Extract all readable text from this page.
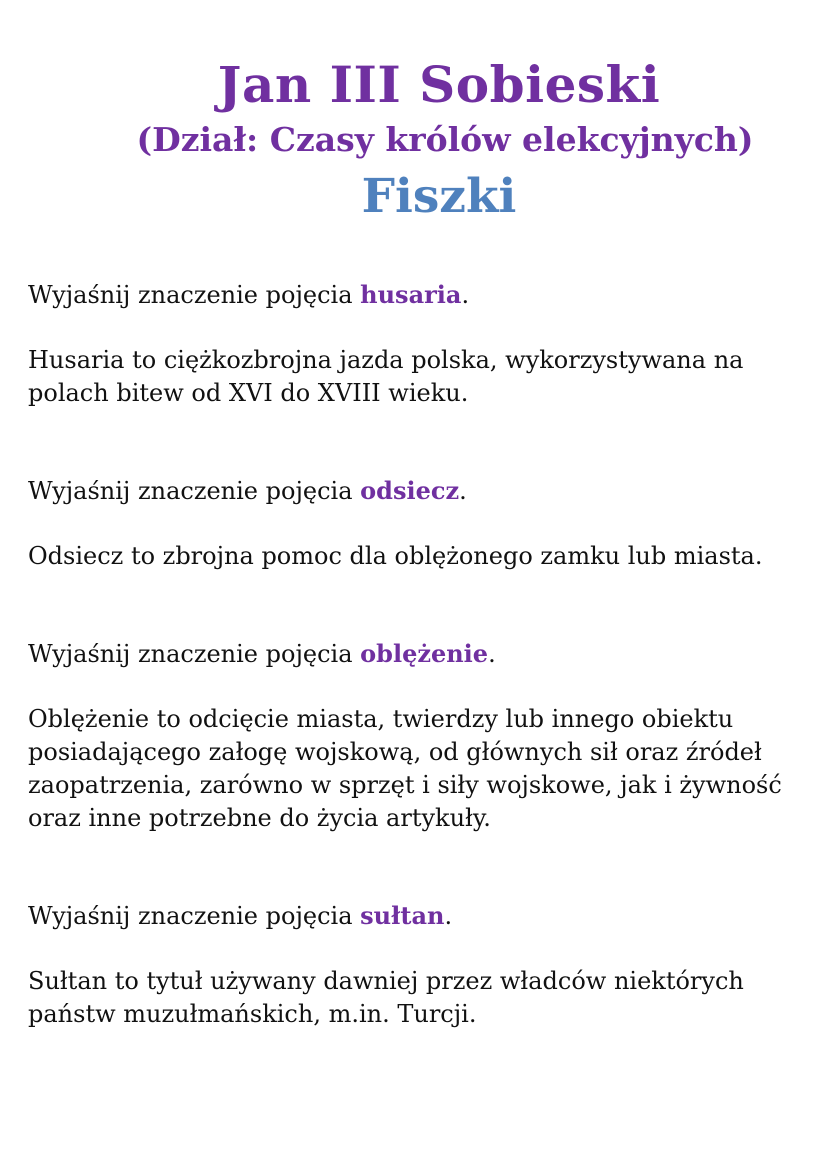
Jan III Sobieski
(Dział: Czasy królów elekcyjnych)
Fiszki

Wyjaśnij znaczenie pojęcia husaria.

Husaria to ciężkozbrojna jazda polska, wykorzystywana na polach bitew od XVI do XVIII wieku.

Wyjaśnij znaczenie pojęcia odsiecz.

Odsiecz to zbrojna pomoc dla oblężonego zamku lub miasta.

Wyjaśnij znaczenie pojęcia oblężenie.

Oblężenie to odcięcie miasta, twierdzy lub innego obiektu posiadającego załogę wojskową, od głównych sił oraz źródeł zaopatrzenia, zarówno w sprzęt i siły wojskowe, jak i żywność oraz inne potrzebne do życia artykuły.

Wyjaśnij znaczenie pojęcia sułtan.

Sułtan to tytuł używany dawniej przez władców niektórych państw muzułmańskich, m.in. Turcji.
